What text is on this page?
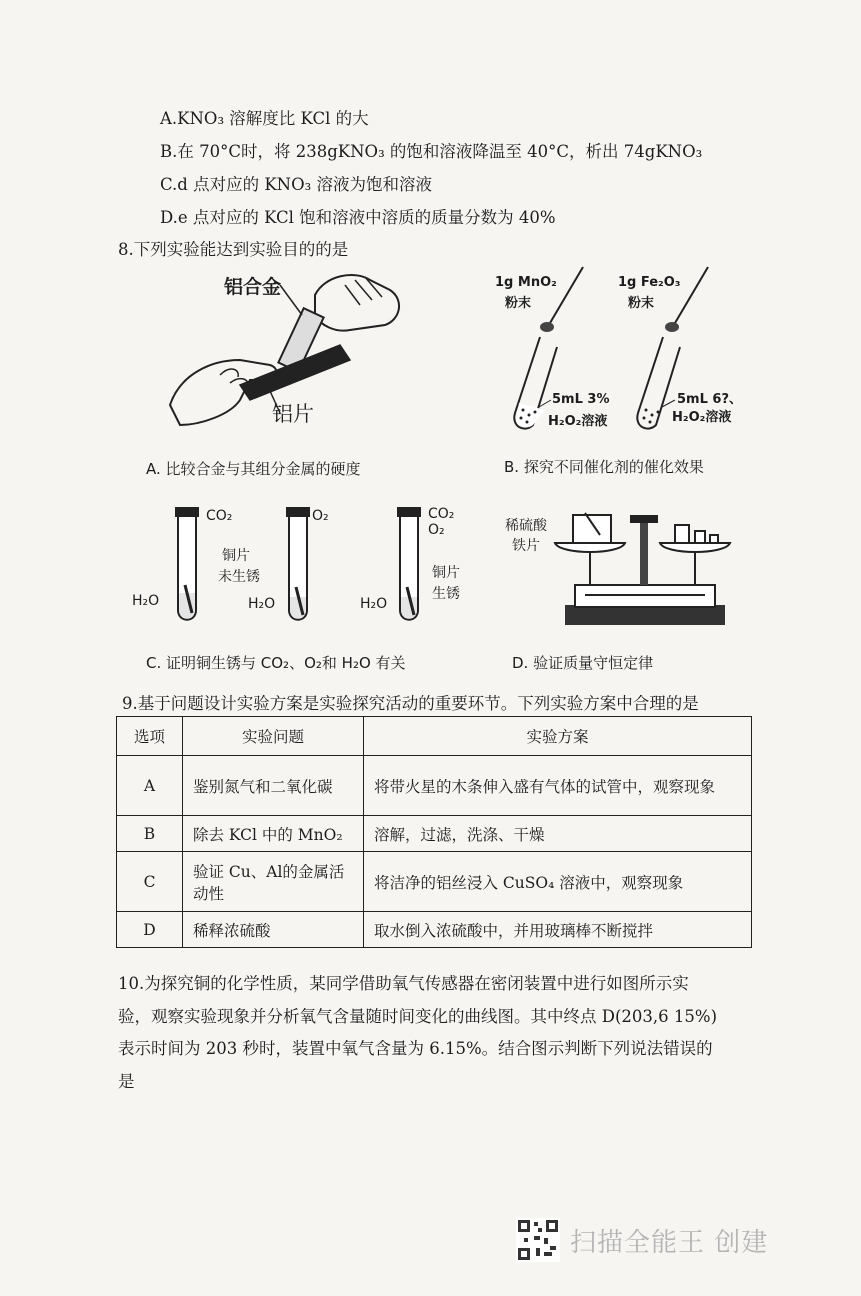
A.KNO₃ 溶解度比 KCl 的大
B.在 70°C时，将 238gKNO₃ 的饱和溶液降温至 40°C，析出 74gKNO₃
C.d 点对应的 KNO₃ 溶液为饱和溶液
D.e 点对应的 KCl 饱和溶液中溶质的质量分数为 40%
8.下列实验能达到实验目的的是
铝合金
铝片
A. 比较合金与其组分金属的硬度
1g MnO₂
粉末
5mL 3%
H₂O₂溶液
1g Fe₂O₃
粉末
5mL 6?、
H₂O₂溶液
B. 探究不同催化剂的催化效果
CO₂	O₂	CO₂
O₂
铜片
未生锈	铜片
生锈
H₂O	H₂O	H₂O
C. 证明铜生锈与 CO₂、O₂和 H₂O 有关
稀硫酸
铁片
D. 验证质量守恒定律
9.基于问题设计实验方案是实验探究活动的重要环节。下列实验方案中合理的是
选项	实验问题	实验方案
A	鉴别氮气和二氧化碳	将带火星的木条伸入盛有气体的试管中，观察现象
B	除去 KCl 中的 MnO₂	溶解，过滤，洗涤、干燥
C	验证 Cu、Al的金属活动性	将洁净的铝丝浸入 CuSO₄ 溶液中，观察现象
D	稀释浓硫酸	取水倒入浓硫酸中，并用玻璃棒不断搅拌
10.为探究铜的化学性质，某同学借助氧气传感器在密闭装置中进行如图所示实
验，观察实验现象并分析氧气含量随时间变化的曲线图。其中终点 D(203,6 15%)
表示时间为 203 秒时，装置中氧气含量为 6.15%。结合图示判断下列说法错误的
是
扫描全能王 创建
